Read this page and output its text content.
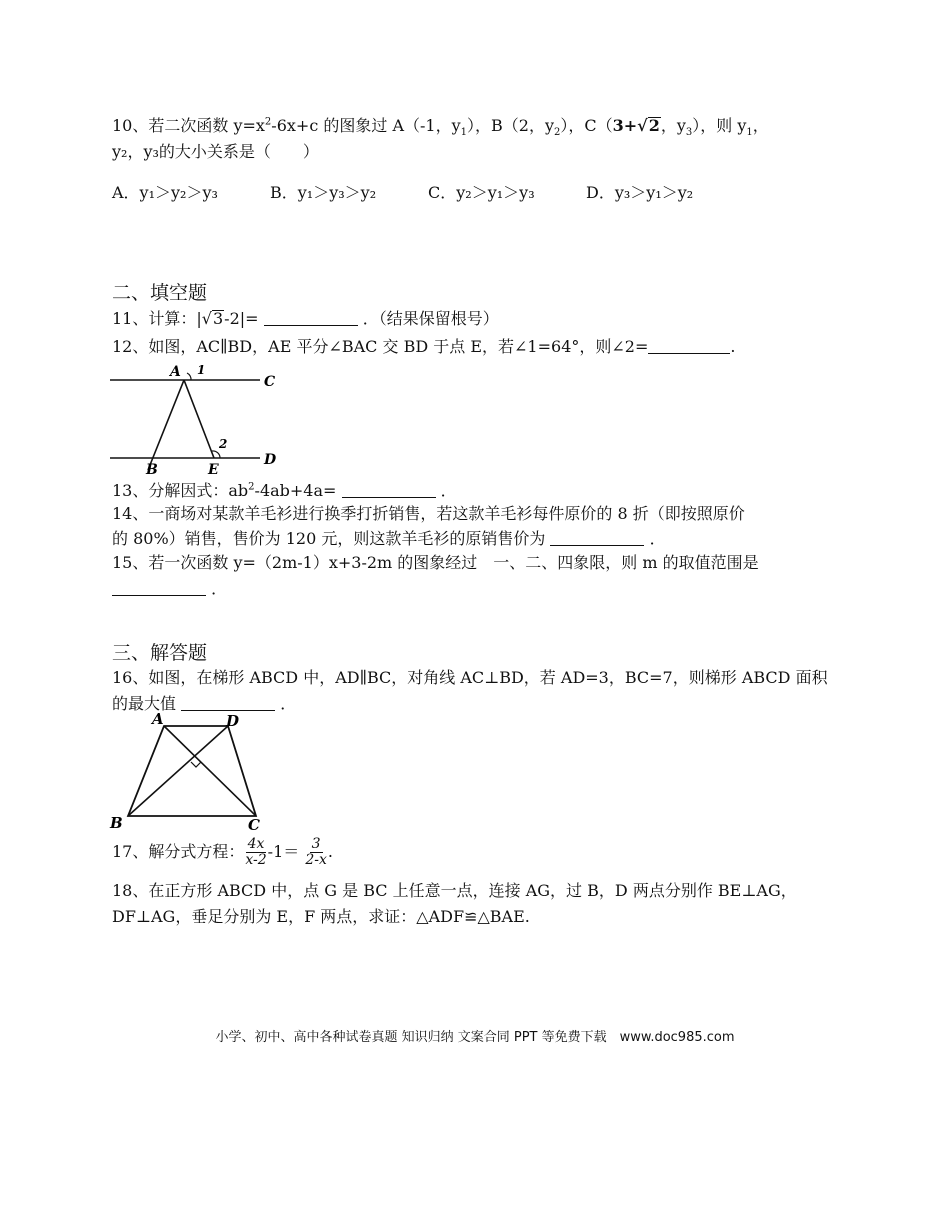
10、若二次函数 $y=x^2-6x+c$ 的图象过 A（-1，$y_1$），B（2，$y_2$），C（3+√2，$y_3$），则 $y_1$，
y₂，y₃的大小关系是（　　）
A．y₁＞y₂＞y₃	B．y₁＞y₃＞y₂	C．y₂＞y₁＞y₃	D．y₃＞y₁＞y₂
二、填空题
11、计算：|√3-2|=	．（结果保留根号）
12、如图，AC∥BD，AE 平分∠BAC 交 BD 于点 E，若∠1=64°，则∠2=	.
A 1
C
2
B	E
D
13、分解因式：$ab^2-4ab+4a=$	．
14、一商场对某款羊毛衫进行换季打折销售，若这款羊毛衫每件原价的 8 折（即按照原价
的 80%）销售，售价为 120 元，则这款羊毛衫的原销售价为	．
15、若一次函数 y=（2m-1）x+3-2m 的图象经过　一、二、四象限，则 m 的取值范围是
．
三、解答题
16、如图，在梯形 ABCD 中，AD∥BC，对角线 AC⊥BD，若 AD=3，BC=7，则梯形 ABCD 面积
的最大值	．
A	D
B	C
17、解分式方程： $\frac{4x}{x-2} -1= \frac{3}{2-x}$ .
18、在正方形 ABCD 中，点 G 是 BC 上任意一点，连接 AG，过 B，D 两点分别作 BE⊥AG，
DF⊥AG，垂足分别为 E，F 两点，求证：△ADF≌△BAE.
小学、初中、高中各种试卷真题 知识归纳 文案合同 PPT 等免费下载　www.doc985.com
